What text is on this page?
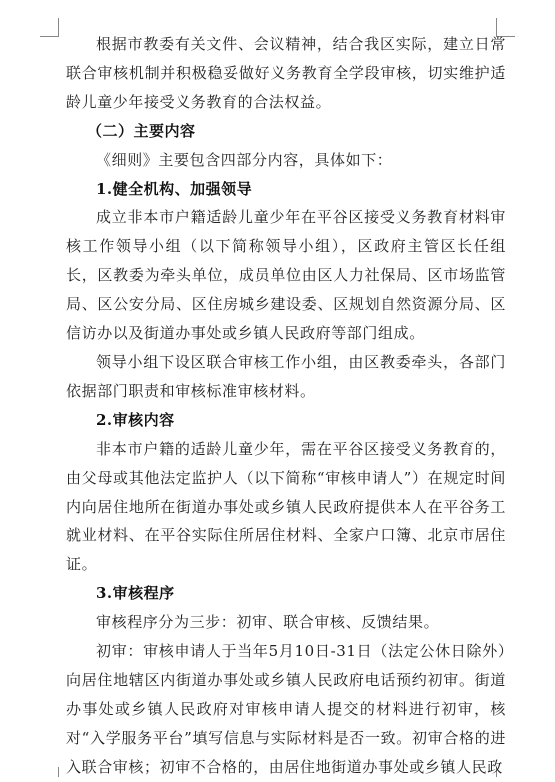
根据市教委有关文件、会议精神，结合我区实际，建立日常联合审核机制并积极稳妥做好义务教育全学段审核，切实维护适龄儿童少年接受义务教育的合法权益。

（二）主要内容

《细则》主要包含四部分内容，具体如下：

1.健全机构、加强领导

成立非本市户籍适龄儿童少年在平谷区接受义务教育材料审核工作领导小组（以下简称领导小组），区政府主管区长任组长，区教委为牵头单位，成员单位由区人力社保局、区市场监管局、区公安分局、区住房城乡建设委、区规划自然资源分局、区信访办以及街道办事处或乡镇人民政府等部门组成。

领导小组下设区联合审核工作小组，由区教委牵头，各部门依据部门职责和审核标准审核材料。

2.审核内容

非本市户籍的适龄儿童少年，需在平谷区接受义务教育的，由父母或其他法定监护人（以下简称“审核申请人”）在规定时间内向居住地所在街道办事处或乡镇人民政府提供本人在平谷务工就业材料、在平谷实际住所居住材料、全家户口簿、北京市居住证。

3.审核程序

审核程序分为三步：初审、联合审核、反馈结果。

初审：审核申请人于当年5月10日-31日（法定公休日除外）向居住地辖区内街道办事处或乡镇人民政府电话预约初审。街道办事处或乡镇人民政府对审核申请人提交的材料进行初审，核对“入学服务平台”填写信息与实际材料是否一致。初审合格的进入联合审核；初审不合格的，由居住地街道办事处或乡镇人民政
